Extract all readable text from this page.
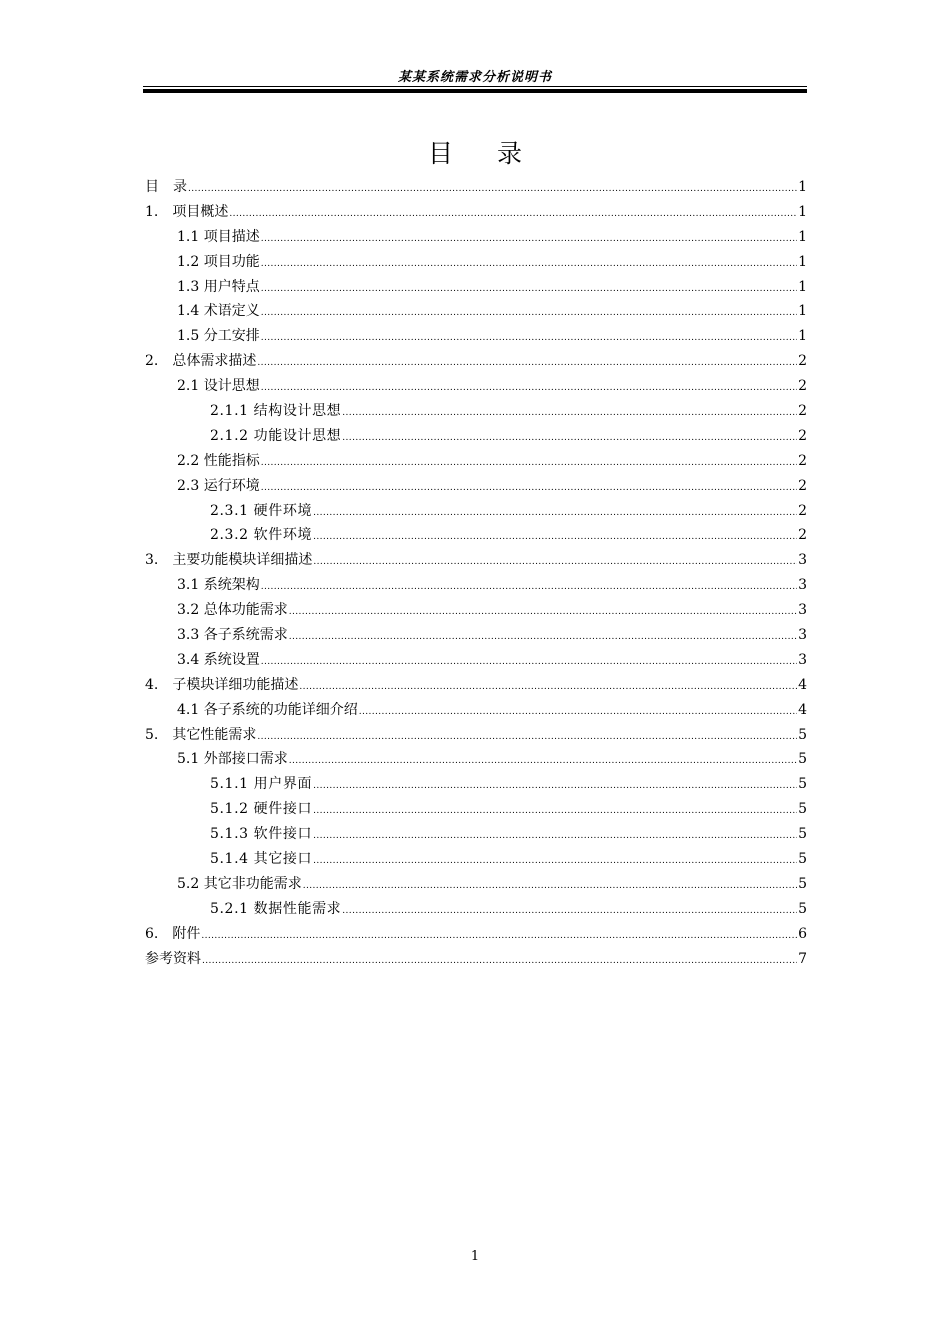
某某系统需求分析说明书
目 录
目　录 .....	1
1.　项目概述 .....	1
1.1 项目描述 .....	1
1.2 项目功能 .....	1
1.3 用户特点 .....	1
1.4 术语定义 .....	1
1.5 分工安排 .....	1
2.　总体需求描述 .....	2
2.1 设计思想 .....	2
2.1.1 结构设计思想 .....	2
2.1.2 功能设计思想 .....	2
2.2 性能指标 .....	2
2.3 运行环境 .....	2
2.3.1 硬件环境 .....	2
2.3.2 软件环境 .....	2
3.　主要功能模块详细描述 .....	3
3.1 系统架构 .....	3
3.2 总体功能需求 .....	3
3.3 各子系统需求 .....	3
3.4 系统设置 .....	3
4.　子模块详细功能描述 .....	4
4.1 各子系统的功能详细介绍 .....	4
5.　其它性能需求 .....	5
5.1 外部接口需求 .....	5
5.1.1 用户界面 .....	5
5.1.2 硬件接口 .....	5
5.1.3 软件接口 .....	5
5.1.4 其它接口 .....	5
5.2 其它非功能需求 .....	5
5.2.1 数据性能需求 .....	5
6.　附件 .....	6
参考资料 .....	7
1
